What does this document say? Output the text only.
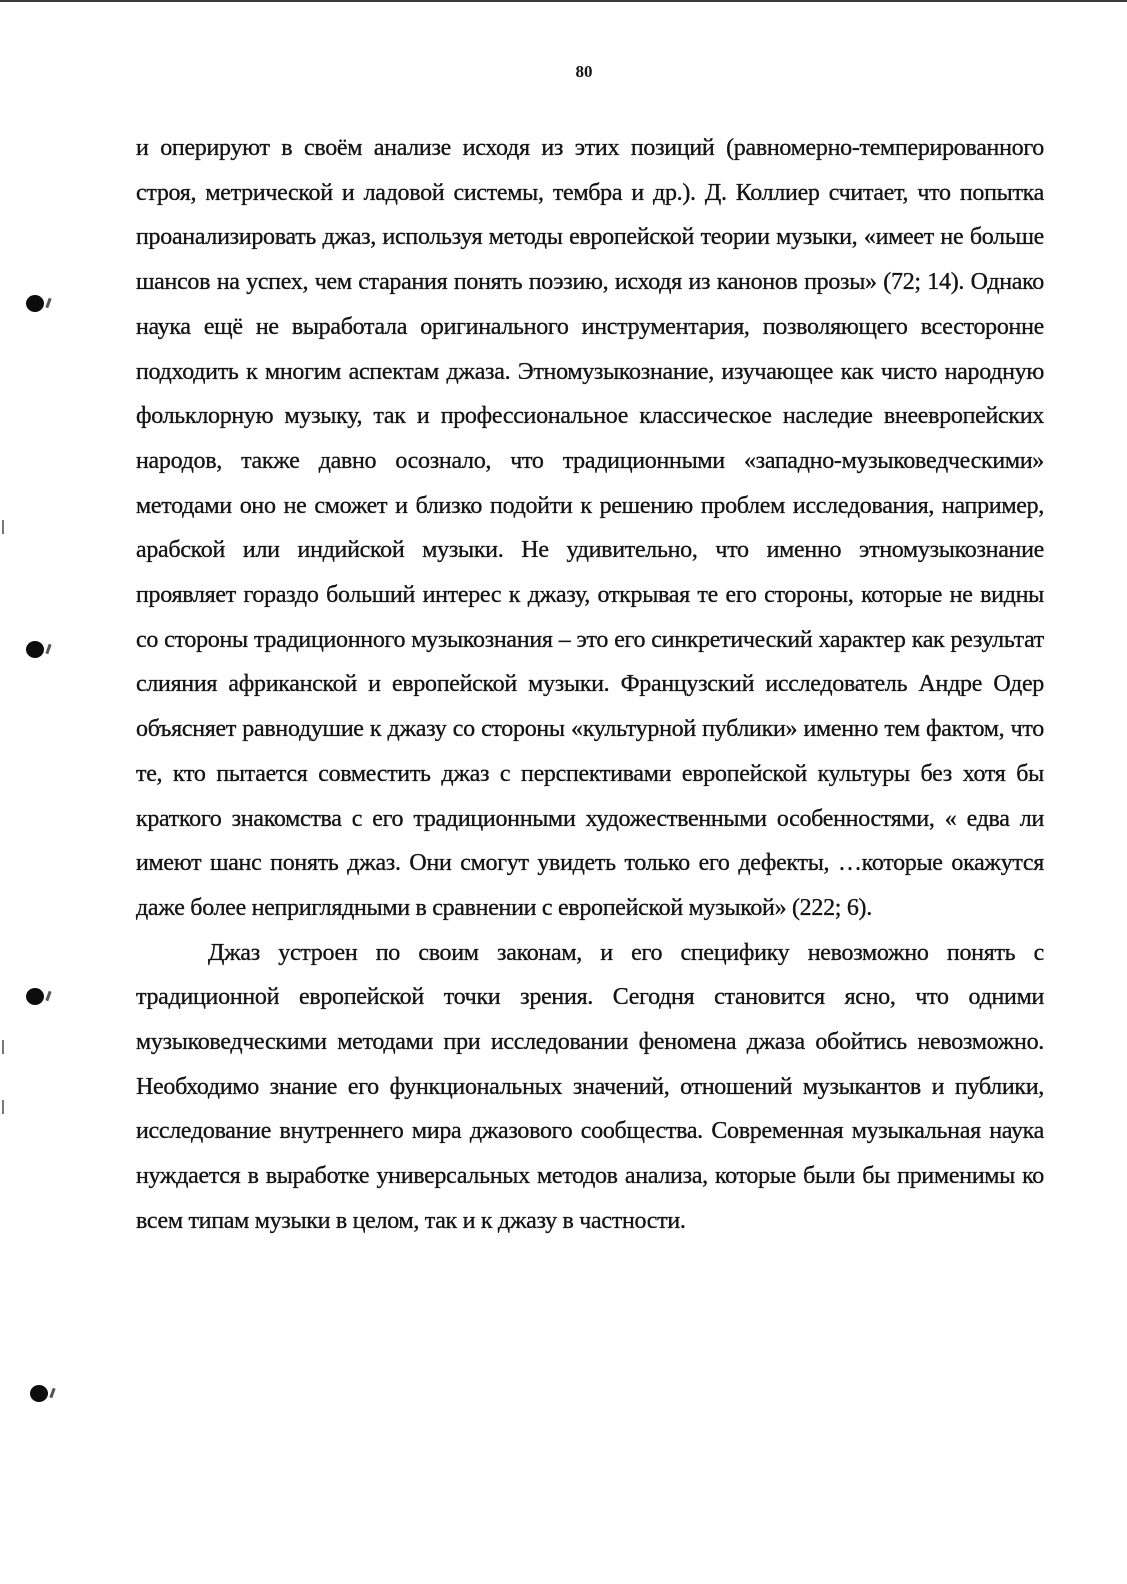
80

и оперируют в своём анализе исходя из этих позиций (равномерно-темперированного строя, метрической и ладовой системы, тембра и др.). Д. Коллиер считает, что попытка проанализировать джаз, используя методы европейской теории музыки, «имеет не больше шансов на успех, чем старания понять поэзию, исходя из канонов прозы» (72; 14). Однако наука ещё не выработала оригинального инструментария, позволяющего всесторонне подходить к многим аспектам джаза. Этномузыкознание, изучающее как чисто народную фольклорную музыку, так и профессиональное классическое наследие внеевропейских народов, также давно осознало, что традиционными «западно-музыковедческими» методами оно не сможет и близко подойти к решению проблем исследования, например, арабской или индийской музыки. Не удивительно, что именно этномузыкознание проявляет гораздо больший интерес к джазу, открывая те его стороны, которые не видны со стороны традиционного музыкознания – это его синкретический характер как результат слияния африканской и европейской музыки. Французский исследователь Андре Одер объясняет равнодушие к джазу со стороны «культурной публики» именно тем фактом, что те, кто пытается совместить джаз с перспективами европейской культуры без хотя бы краткого знакомства с его традиционными художественными особенностями, « едва ли имеют шанс понять джаз. Они смогут увидеть только его дефекты, …которые окажутся даже более неприглядными в сравнении с европейской музыкой» (222; 6).

Джаз устроен по своим законам, и его специфику невозможно понять с традиционной европейской точки зрения. Сегодня становится ясно, что одними музыковедческими методами при исследовании феномена джаза обойтись невозможно. Необходимо знание его функциональных значений, отношений музыкантов и публики, исследование внутреннего мира джазового сообщества. Современная музыкальная наука нуждается в выработке универсальных методов анализа, которые были бы применимы ко всем типам музыки в целом, так и к джазу в частности.
